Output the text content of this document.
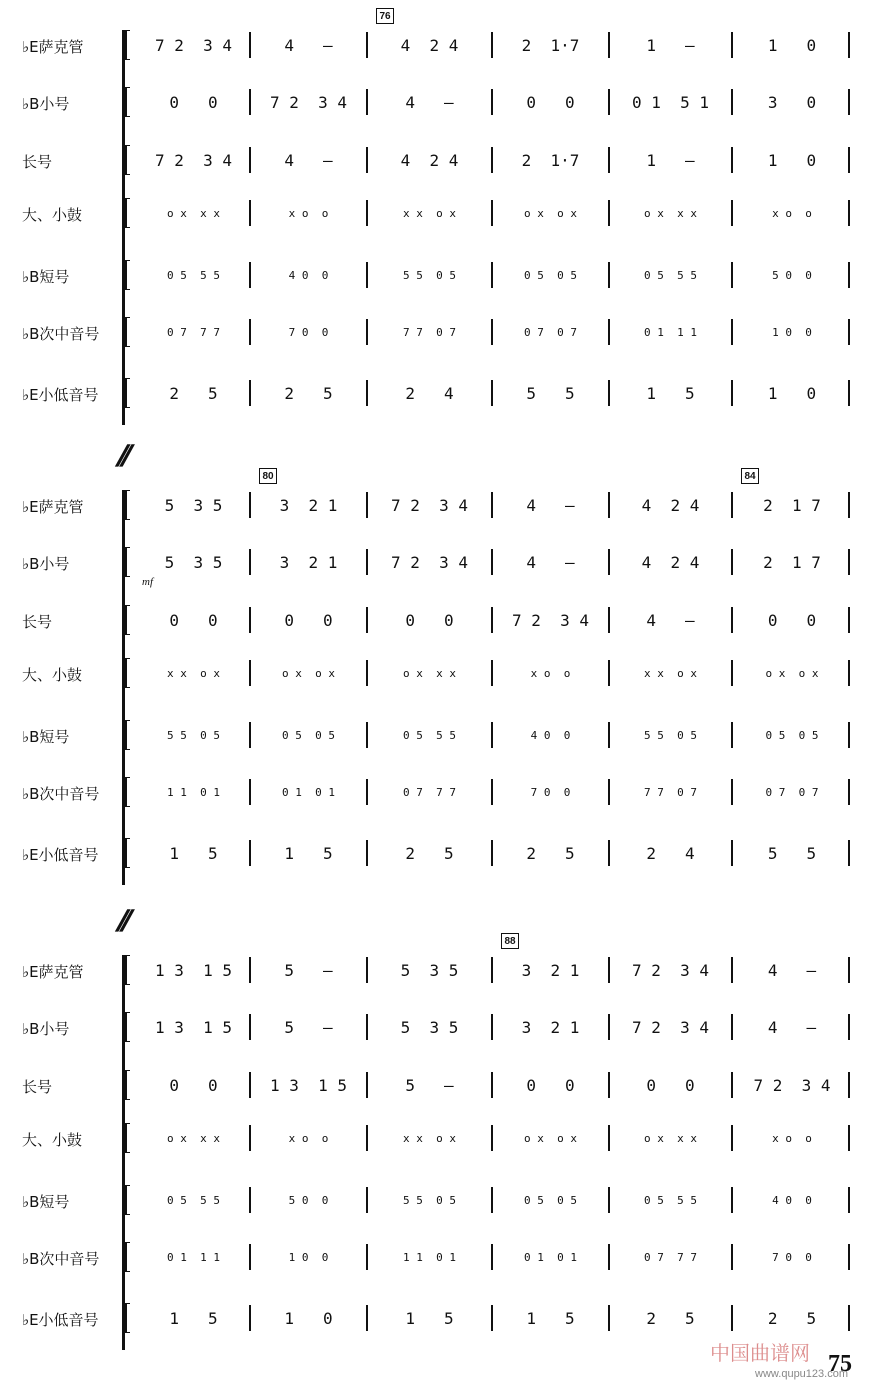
//
//
76
♭E萨克管	7 2  3 4	4   –	4  2 4	2  1·7	1   –	1   0
♭B小号	0   0	7 2  3 4	4   –	0   0	0 1  5 1	3   0
长号	7 2  3 4	4   –	4  2 4	2  1·7	1   –	1   0
大、小鼓	o x  x x	x o  o	x x  o x	o x  o x	o x  x x	x o  o
♭B短号	0 5  5 5	4 0  0	5 5  0 5	0 5  0 5	0 5  5 5	5 0  0
♭B次中音号	0 7  7 7	7 0  0	7 7  0 7	0 7  0 7	0 1  1 1	1 0  0
♭E小低音号	2   5	2   5	2   4	5   5	1   5	1   0
80	84
♭E萨克管	5  3 5	3  2 1	7 2  3 4	4   –	4  2 4	2  1 7
♭B小号	5  3 5	3  2 1	7 2  3 4	4   –	4  2 4	2  1 7
长号	0   0	0   0	0   0	7 2  3 4	4   –	0   0
大、小鼓	x x  o x	o x  o x	o x  x x	x o  o	x x  o x	o x  o x
♭B短号	5 5  0 5	0 5  0 5	0 5  5 5	4 0  0	5 5  0 5	0 5  0 5
♭B次中音号	1 1  0 1	0 1  0 1	0 7  7 7	7 0  0	7 7  0 7	0 7  0 7
♭E小低音号	1   5	1   5	2   5	2   5	2   4	5   5
mf
88
♭E萨克管	1 3  1 5	5   –	5  3 5	3  2 1	7 2  3 4	4   –
♭B小号	1 3  1 5	5   –	5  3 5	3  2 1	7 2  3 4	4   –
长号	0   0	1 3  1 5	5   –	0   0	0   0	7 2  3 4
大、小鼓	o x  x x	x o  o	x x  o x	o x  o x	o x  x x	x o  o
♭B短号	0 5  5 5	5 0  0	5 5  0 5	0 5  0 5	0 5  5 5	4 0  0
♭B次中音号	0 1  1 1	1 0  0	1 1  0 1	0 1  0 1	0 7  7 7	7 0  0
♭E小低音号	1   5	1   0	1   5	1   5	2   5	2   5
75
中国曲谱网
www.qupu123.com
